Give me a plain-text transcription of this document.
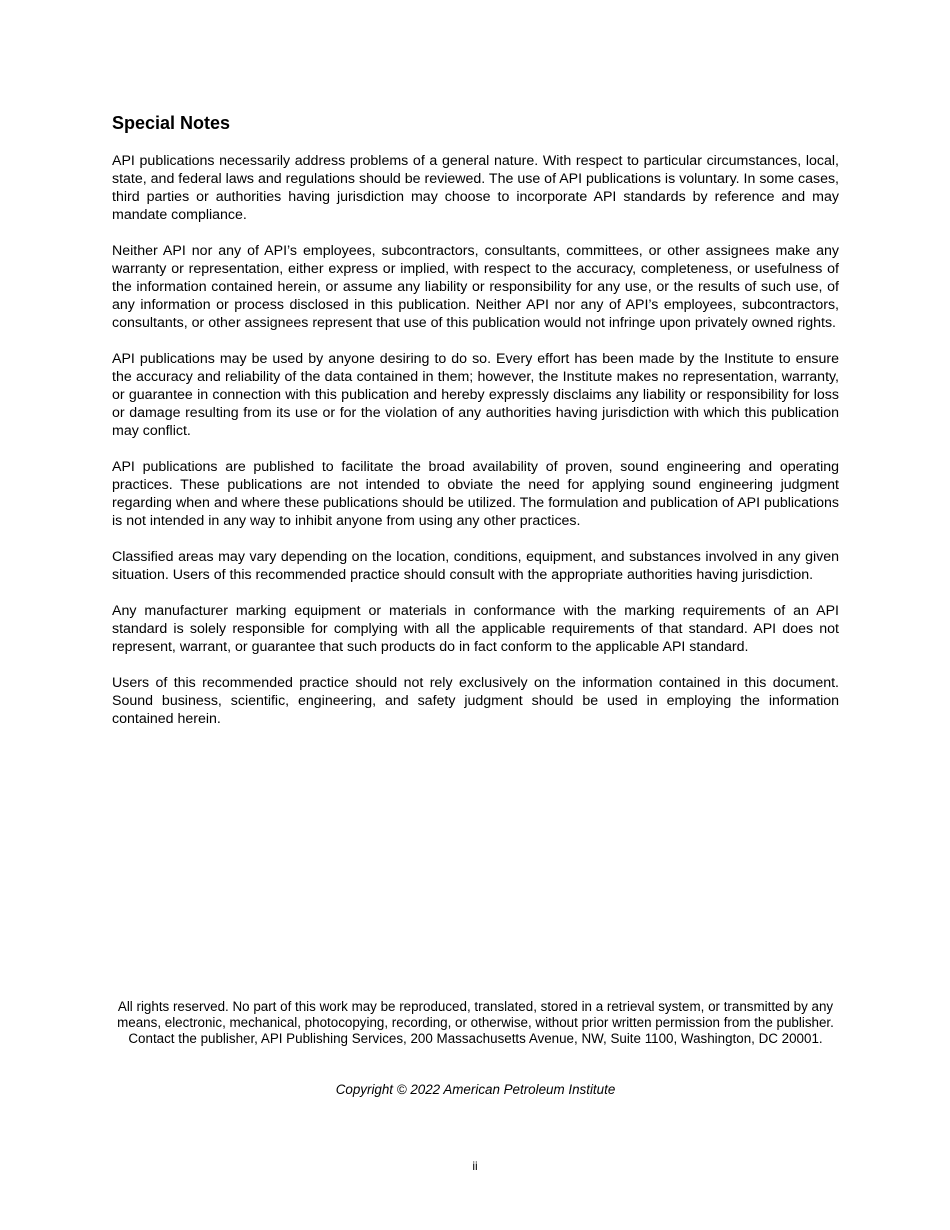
Special Notes

API publications necessarily address problems of a general nature. With respect to particular circumstances, local, state, and federal laws and regulations should be reviewed. The use of API publications is voluntary. In some cases, third parties or authorities having jurisdiction may choose to incorporate API standards by reference and may mandate compliance.

Neither API nor any of API’s employees, subcontractors, consultants, committees, or other assignees make any warranty or representation, either express or implied, with respect to the accuracy, completeness, or usefulness of the information contained herein, or assume any liability or responsibility for any use, or the results of such use, of any information or process disclosed in this publication. Neither API nor any of API’s employees, subcontractors, consultants, or other assignees represent that use of this publication would not infringe upon privately owned rights.

API publications may be used by anyone desiring to do so. Every effort has been made by the Institute to ensure the accuracy and reliability of the data contained in them; however, the Institute makes no representation, warranty, or guarantee in connection with this publication and hereby expressly disclaims any liability or responsibility for loss or damage resulting from its use or for the violation of any authorities having jurisdiction with which this publication may conflict.

API publications are published to facilitate the broad availability of proven, sound engineering and operating practices. These publications are not intended to obviate the need for applying sound engineering judgment regarding when and where these publications should be utilized. The formulation and publication of API publications is not intended in any way to inhibit anyone from using any other practices.

Classified areas may vary depending on the location, conditions, equipment, and substances involved in any given situation. Users of this recommended practice should consult with the appropriate authorities having jurisdiction.

Any manufacturer marking equipment or materials in conformance with the marking requirements of an API standard is solely responsible for complying with all the applicable requirements of that standard. API does not represent, warrant, or guarantee that such products do in fact conform to the applicable API standard.

Users of this recommended practice should not rely exclusively on the information contained in this document. Sound business, scientific, engineering, and safety judgment should be used in employing the information contained herein.

All rights reserved. No part of this work may be reproduced, translated, stored in a retrieval system, or transmitted by any means, electronic, mechanical, photocopying, recording, or otherwise, without prior written permission from the publisher. Contact the publisher, API Publishing Services, 200 Massachusetts Avenue, NW, Suite 1100, Washington, DC 20001.

Copyright © 2022 American Petroleum Institute

ii
